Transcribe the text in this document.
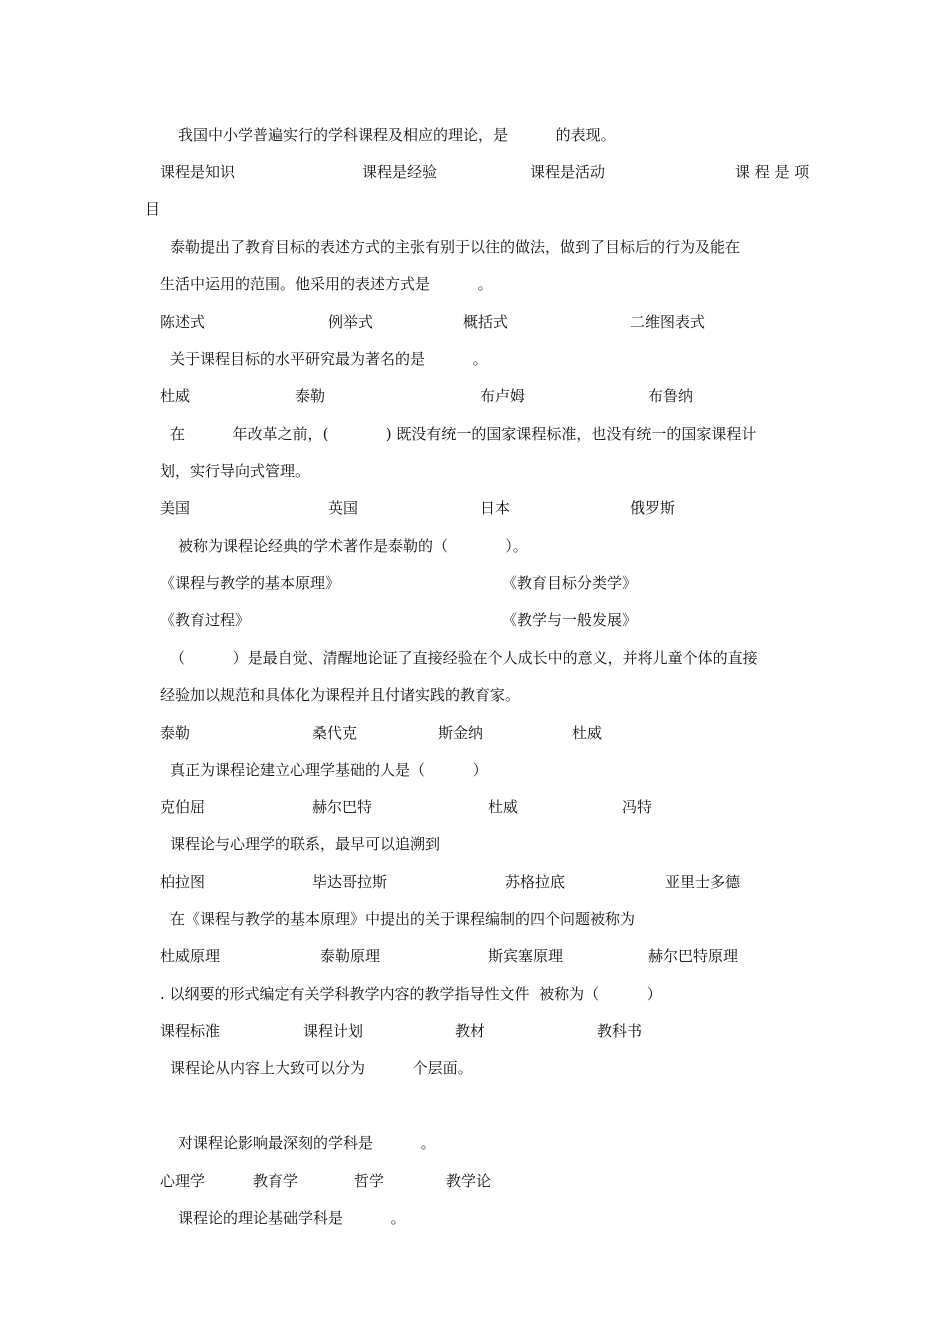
我国中小学普遍实行的学科课程及相应的理论，是          的表现。
课程是知识	课程是经验	课程是活动	课 程 是 项
目
泰勒提出了教育目标的表述方式的主张有别于以往的做法，做到了目标后的行为及能在
生活中运用的范围。他采用的表述方式是          。
陈述式	例举式	概括式	二维图表式
关于课程目标的水平研究最为著名的是          。
杜威	泰勒	布卢姆	布鲁纳
在          年改革之前，(            ) 既没有统一的国家课程标准，也没有统一的国家课程计
划，实行导向式管理。
美国	英国	日本	俄罗斯
被称为课程论经典的学术著作是泰勒的（            ）。
《课程与教学的基本原理》	《教育目标分类学》
《教育过程》	《教学与一般发展》
（          ）是最自觉、清醒地论证了直接经验在个人成长中的意义，并将儿童个体的直接
经验加以规范和具体化为课程并且付诸实践的教育家。
泰勒	桑代克	斯金纳	杜威
真正为课程论建立心理学基础的人是（          ）
克伯屈	赫尔巴特	杜威	冯特
课程论与心理学的联系，最早可以追溯到
柏拉图	毕达哥拉斯	苏格拉底	亚里士多德
在《课程与教学的基本原理》中提出的关于课程编制的四个问题被称为
杜威原理	泰勒原理	斯宾塞原理	赫尔巴特原理
. 以纲要的形式编定有关学科教学内容的教学指导性文件  被称为（          ）
课程标准	课程计划	教材	教科书
课程论从内容上大致可以分为          个层面。
对课程论影响最深刻的学科是          。
心理学	教育学	哲学	教学论
课程论的理论基础学科是          。
